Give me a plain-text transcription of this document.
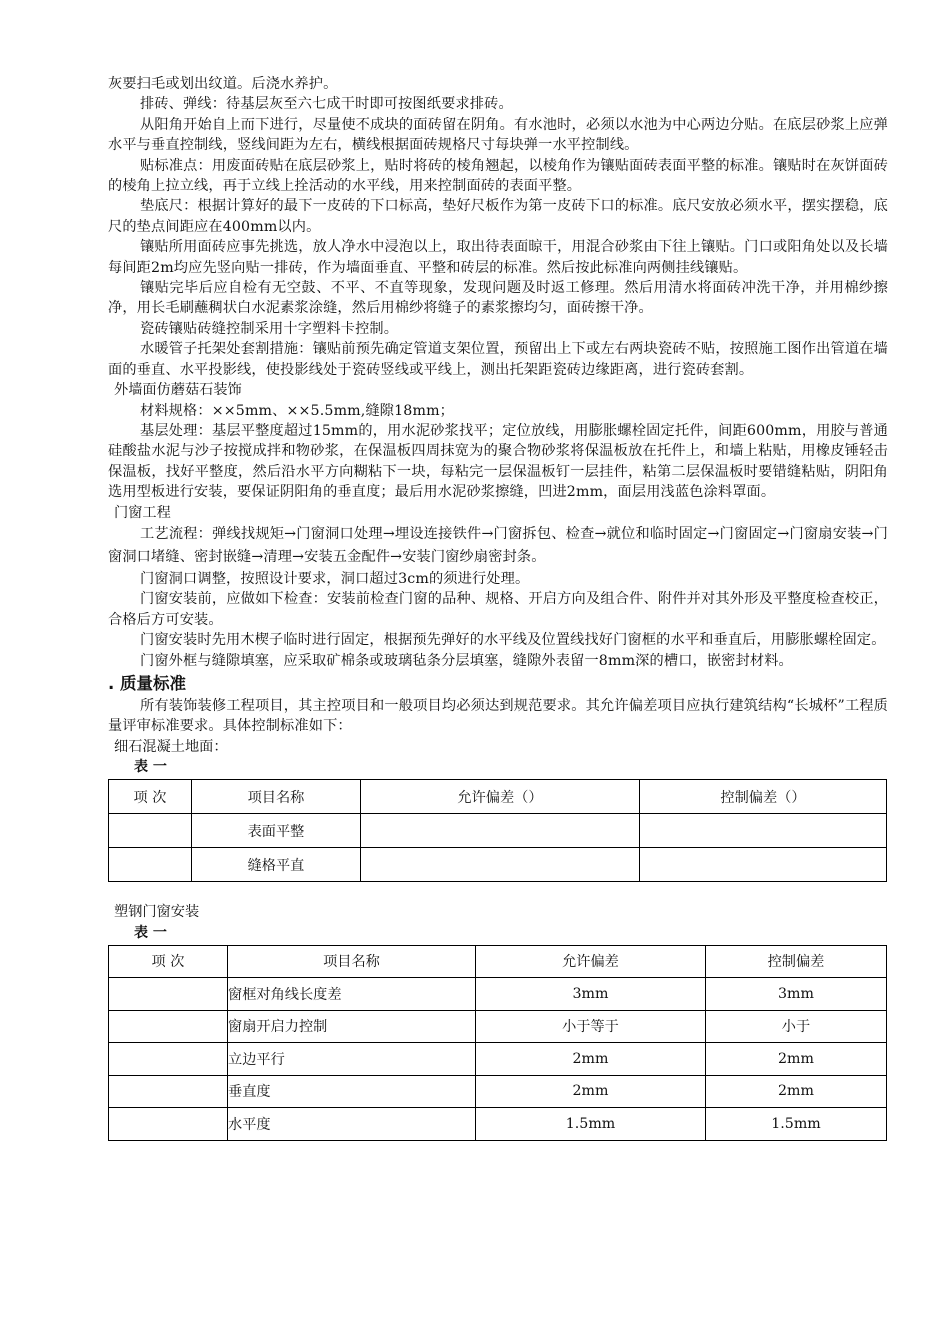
灰要扫毛或划出纹道。后浇水养护。

排砖、弹线：待基层灰至六七成干时即可按图纸要求排砖。

从阳角开始自上而下进行，尽量使不成块的面砖留在阴角。有水池时，必须以水池为中心两边分贴。在底层砂浆上应弹水平与垂直控制线，竖线间距为左右，横线根据面砖规格尺寸每块弹一水平控制线。

贴标准点：用废面砖贴在底层砂浆上，贴时将砖的棱角翘起，以棱角作为镶贴面砖表面平整的标准。镶贴时在灰饼面砖的棱角上拉立线，再于立线上拴活动的水平线，用来控制面砖的表面平整。

垫底尺：根据计算好的最下一皮砖的下口标高，垫好尺板作为第一皮砖下口的标准。底尺安放必须水平，摆实摆稳，底尺的垫点间距应在400mm以内。

镶贴所用面砖应事先挑选，放人净水中浸泡以上，取出待表面晾干，用混合砂浆由下往上镶贴。门口或阳角处以及长墙每间距2m均应先竖向贴一排砖，作为墙面垂直、平整和砖层的标准。然后按此标准向两侧挂线镶贴。

镶贴完毕后应自检有无空鼓、不平、不直等现象，发现问题及时返工修理。然后用清水将面砖冲洗干净，并用棉纱擦净，用长毛刷蘸稠状白水泥素浆涂缝，然后用棉纱将缝子的素浆擦均匀，面砖擦干净。

瓷砖镶贴砖缝控制采用十字塑料卡控制。

水暖管子托架处套割措施：镶贴前预先确定管道支架位置，预留出上下或左右两块瓷砖不贴，按照施工图作出管道在墙面的垂直、水平投影线，使投影线处于瓷砖竖线或平线上，测出托架距瓷砖边缘距离，进行瓷砖套割。

外墙面仿蘑菇石装饰

材料规格：××5mm、××5.5mm,缝隙18mm；

基层处理：基层平整度超过15mm的，用水泥砂浆找平；定位放线，用膨胀螺栓固定托件，间距600mm，用胶与普通硅酸盐水泥与沙子按搅成拌和物砂浆，在保温板四周抹宽为的聚合物砂浆将保温板放在托件上，和墙上粘贴，用橡皮锤轻击保温板，找好平整度，然后沿水平方向糊粘下一块，每粘完一层保温板钉一层挂件，粘第二层保温板时要错缝粘贴，阴阳角选用型板进行安装，要保证阴阳角的垂直度；最后用水泥砂浆擦缝，凹进2mm，面层用浅蓝色涂料罩面。

门窗工程

工艺流程：弹线找规矩→门窗洞口处理→埋设连接铁件→门窗拆包、检查→就位和临时固定→门窗固定→门窗扇安装→门窗洞口堵缝、密封嵌缝→清理→安装五金配件→安装门窗纱扇密封条。

门窗洞口调整，按照设计要求，洞口超过3cm的须进行处理。

门窗安装前，应做如下检查：安装前检查门窗的品种、规格、开启方向及组合件、附件并对其外形及平整度检查校正，合格后方可安装。

门窗安装时先用木楔子临时进行固定，根据预先弹好的水平线及位置线找好门窗框的水平和垂直后，用膨胀螺栓固定。

门窗外框与缝隙填塞，应采取矿棉条或玻璃毡条分层填塞，缝隙外表留一8mm深的槽口，嵌密封材料。

. 质量标准

所有装饰装修工程项目，其主控项目和一般项目均必须达到规范要求。其允许偏差项目应执行建筑结构“长城杯”工程质量评审标准要求。具体控制标准如下：

细石混凝土地面：

表 一

项 次	项目名称	允许偏差（）	控制偏差（）
	表面平整		
	缝格平直		

塑钢门窗安装

表 一

项 次	项目名称	允许偏差	控制偏差
	窗框对角线长度差	3mm	3mm
	窗扇开启力控制	小于等于	小于
	立边平行	2mm	2mm
	垂直度	2mm	2mm
	水平度	1.5mm	1.5mm
